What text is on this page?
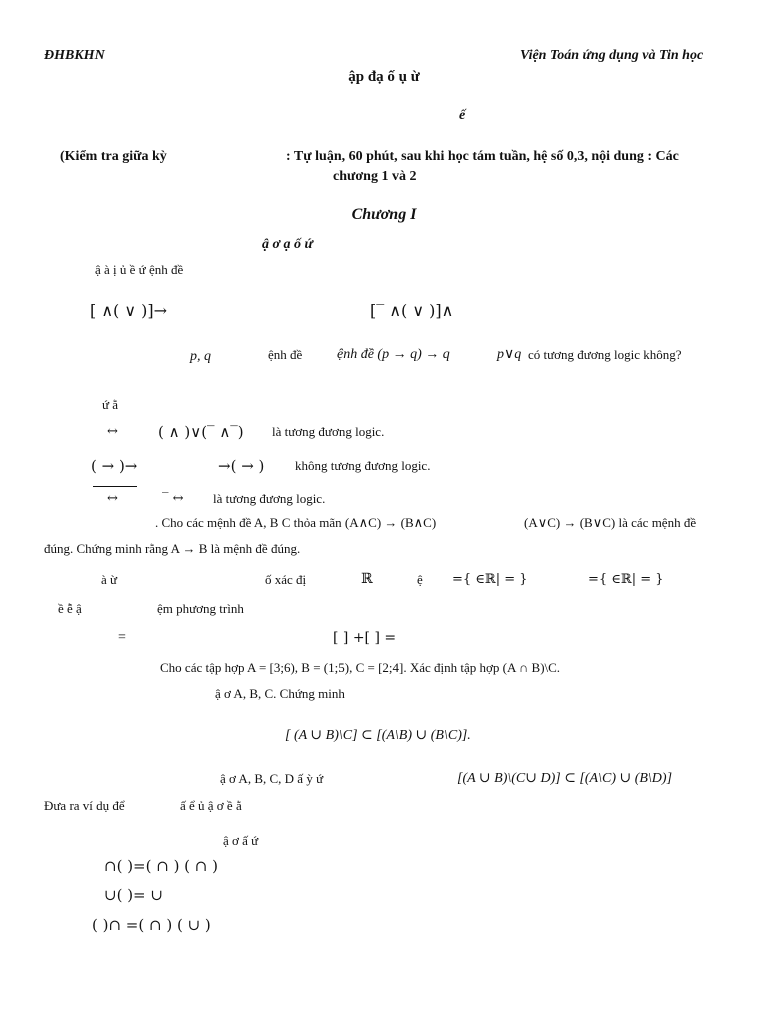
ĐHBKHN	Viện Toán ứng dụng và Tin học
ập đạ ố ụ ừ
ế
(Kiểm tra giữa kỳ	: Tự luận, 60 phút, sau khi học tám tuần, hệ số 0,3, nội dung : Các
chương 1 và 2
Chương I
ậ ơ ạ ố ứ
ậ à ị ủ ề ứ ệnh đề
[ ∧( ∨ )]→	[‾ ∧( ∨ )]∧
p, q	ệnh đề ệnh đề (p → q) → q	p∨q có tương đương logic không?
ứ ằ
↔	( ∧ )∨(‾ ∧‾) là tương đương logic.
( → )→	→( → ) không tương đương logic.
↔	‾ ↔ là tương đương logic.
. Cho các mệnh đề A, B C thỏa mãn (A∧C) → (B∧C)	(A∨C) → (B∨C) là các mệnh đề
đúng. Chứng minh rằng A → B là mệnh đề đúng.
à ừ	ố xác đị	ℝ	ệ ={ ∈ℝ| = }	={ ∈ℝ| = }
ề ễ ậ	ệm phương trình
=	[ ] +[ ] =
Cho các tập hợp A = [3;6), B = (1;5), C = [2;4]. Xác định tập hợp (A ∩ B)\C.
ậ ơ A, B, C. Chứng minh
[ (A ∪ B)\C] ⊂ [(A\B) ∪ (B\C)].
ậ ơ A, B, C, D ấ ỳ ứ	[(A ∪ B)\(C∪ D)] ⊂ [(A\C) ∪ (B\D)]
Đưa ra ví dụ để	ấ ể ủ ậ ơ ề ằ
ậ ơ ấ ứ
∩( )=( ∩ ) ( ∩ )
∪( )= ∪
( )∩ =( ∩ ) ( ∪ )
